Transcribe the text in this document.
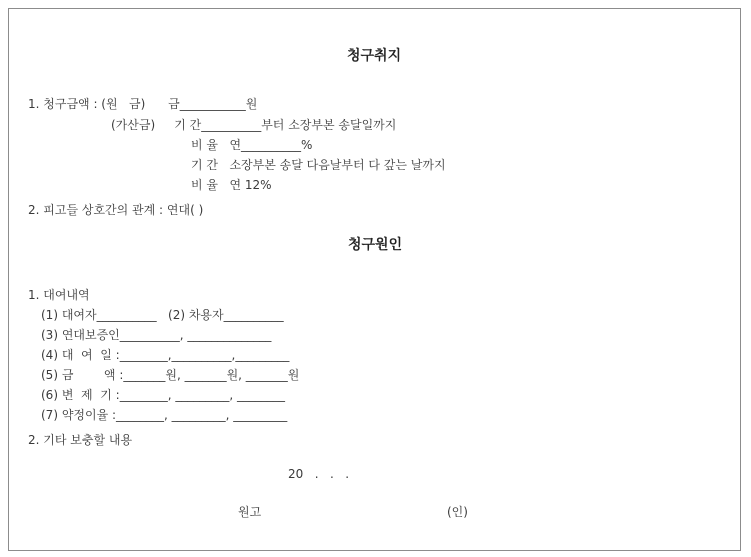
청구취지
1. 청구금액 : (원   금)      금___________원
(가산금)     기 간__________부터 소장부본 송달일까지
비 율   연__________%
기 간   소장부본 송달 다음날부터 다 갚는 날까지
비 율   연 12%
2. 피고들 상호간의 관계 : 연대( )
청구원인
1. 대여내역
(1) 대여자__________   (2) 차용자__________
(3) 연대보증인__________, ______________
(4) 대  여  일 :________,__________,_________
(5) 금        액 :_______원, _______원, _______원
(6) 변  제  기 :________, _________, ________
(7) 약정이율 :________, _________, _________
2. 기타 보충할 내용
20   .   .   .
원고	(인)
